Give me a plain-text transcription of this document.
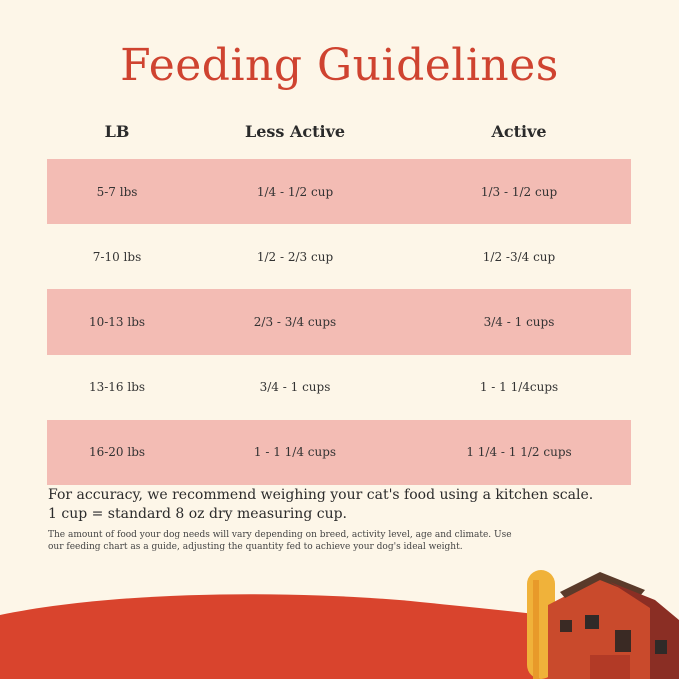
Feeding Guidelines
LB	Less Active	Active
5-7 lbs	1/4 - 1/2 cup	1/3 - 1/2 cup
7-10 lbs	1/2 - 2/3 cup	1/2 -3/4 cup
10-13 lbs	2/3 - 3/4 cups	3/4 - 1 cups
13-16 lbs	3/4 - 1 cups	1 - 1 1/4cups
16-20 lbs	1 - 1 1/4 cups	1 1/4 - 1 1/2 cups
For accuracy, we recommend weighing your cat's food using a kitchen scale.
1 cup = standard 8 oz dry measuring cup.
The amount of food your dog needs will vary depending on breed, activity level, age and climate. Use our feeding chart as a guide, adjusting the quantity fed to achieve your dog's ideal weight.
